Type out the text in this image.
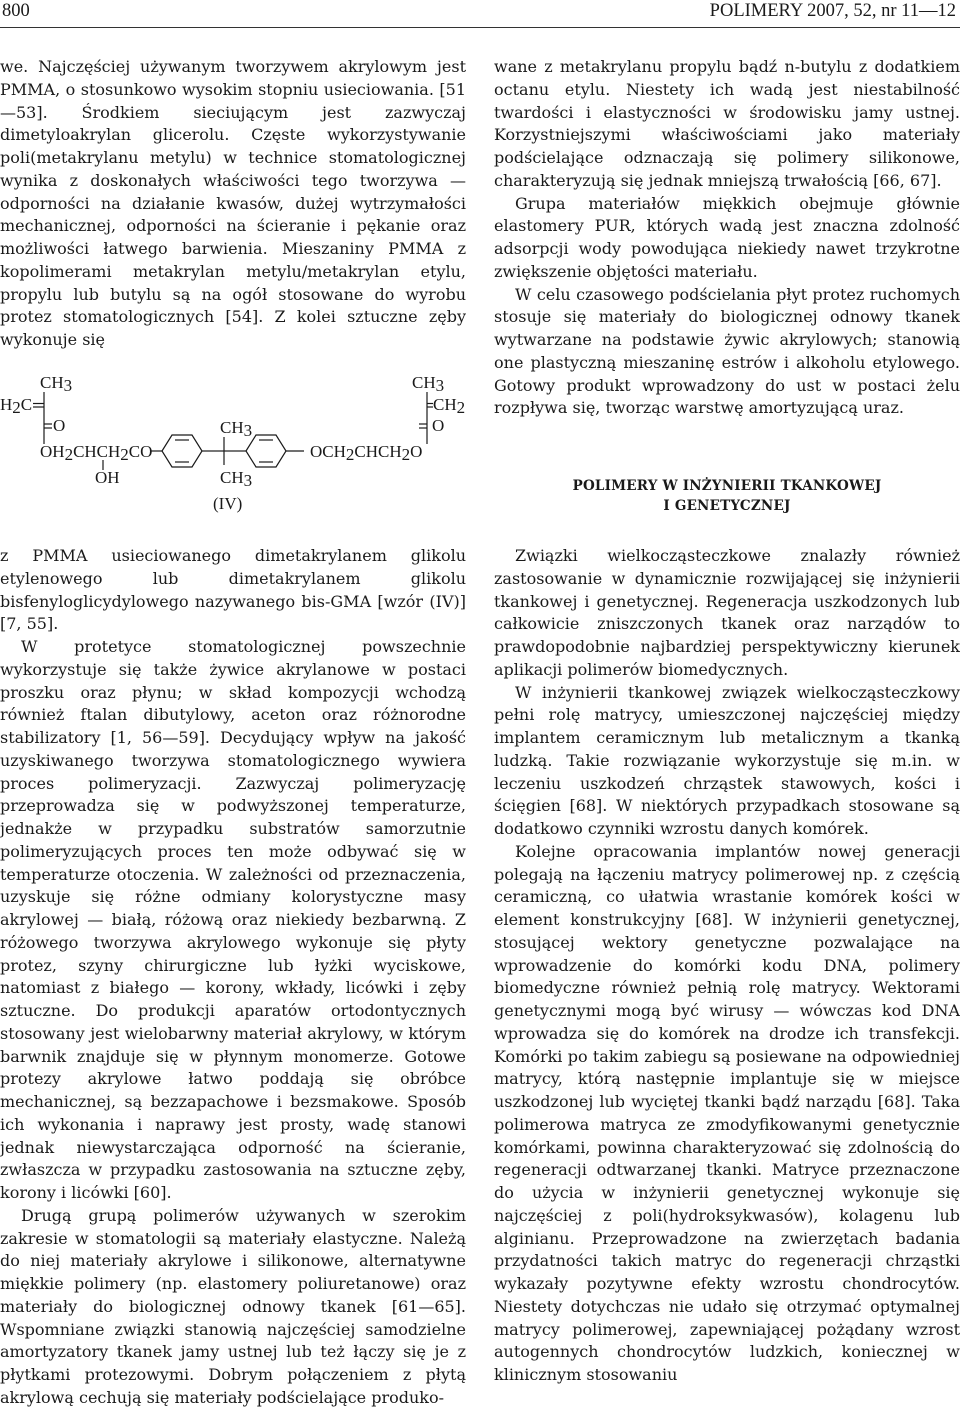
800	POLIMERY 2007, 52, nr 11—12

we. Najczęściej używanym tworzywem akrylowym jest PMMA, o stosunkowo wysokim stopniu usieciowania. [51—53]. Środkiem sieciującym jest zazwyczaj dimetyloakrylan glicerolu. Częste wykorzystywanie poli(metakrylanu metylu) w technice stomatologicznej wynika z doskonałych właściwości tego tworzywa — odporności na działanie kwasów, dużej wytrzymałości mechanicznej, odporności na ścieranie i pękanie oraz możliwości łatwego barwienia. Mieszaniny PMMA z kopolimerami metakrylan metylu/metakrylan etylu, propylu lub butylu są na ogół stosowane do wyrobu protez stomatologicznych [54]. Z kolei sztuczne zęby wykonuje się

CH3
H2C
O
OH2CHCH2CO
OH
CH3
CH3
OCH2CHCH2O
CH3
CH2
O
(IV)

wane z metakrylanu propylu bądź n-butylu z dodatkiem octanu etylu. Niestety ich wadą jest niestabilność twardości i elastyczności w środowisku jamy ustnej. Korzystniejszymi właściwościami jako materiały podścielające odznaczają się polimery silikonowe, charakteryzują się jednak mniejszą trwałością [66, 67].

Grupa materiałów miękkich obejmuje głównie elastomery PUR, których wadą jest znaczna zdolność adsorpcji wody powodująca niekiedy nawet trzykrotne zwiększenie objętości materiału.

W celu czasowego podścielania płyt protez ruchomych stosuje się materiały do biologicznej odnowy tkanek wytwarzane na podstawie żywic akrylowych; stanowią one plastyczną mieszaninę estrów i alkoholu etylowego. Gotowy produkt wprowadzony do ust w postaci żelu rozpływa się, tworząc warstwę amortyzującą uraz.

POLIMERY W INŻYNIERII TKANKOWEJ
I GENETYCZNEJ

z PMMA usieciowanego dimetakrylanem glikolu etylenowego lub dimetakrylanem glikolu bisfenyloglicydylowego nazywanego bis-GMA [wzór (IV)] [7, 55].

W protetyce stomatologicznej powszechnie wykorzystuje się także żywice akrylanowe w postaci proszku oraz płynu; w skład kompozycji wchodzą również ftalan dibutylowy, aceton oraz różnorodne stabilizatory [1, 56—59]. Decydujący wpływ na jakość uzyskiwanego tworzywa stomatologicznego wywiera proces polimeryzacji. Zazwyczaj polimeryzację przeprowadza się w podwyższonej temperaturze, jednakże w przypadku substratów samorzutnie polimeryzujących proces ten może odbywać się w temperaturze otoczenia. W zależności od przeznaczenia, uzyskuje się różne odmiany kolorystyczne masy akrylowej — białą, różową oraz niekiedy bezbarwną. Z różowego tworzywa akrylowego wykonuje się płyty protez, szyny chirurgiczne lub łyżki wyciskowe, natomiast z białego — korony, wkłady, licówki i zęby sztuczne. Do produkcji aparatów ortodontycznych stosowany jest wielobarwny materiał akrylowy, w którym barwnik znajduje się w płynnym monomerze. Gotowe protezy akrylowe łatwo poddają się obróbce mechanicznej, są bezzapachowe i bezsmakowe. Sposób ich wykonania i naprawy jest prosty, wadę stanowi jednak niewystarczająca odporność na ścieranie, zwłaszcza w przypadku zastosowania na sztuczne zęby, korony i licówki [60].

Drugą grupą polimerów używanych w szerokim zakresie w stomatologii są materiały elastyczne. Należą do niej materiały akrylowe i silikonowe, alternatywne miękkie polimery (np. elastomery poliuretanowe) oraz materiały do biologicznej odnowy tkanek [61—65]. Wspomniane związki stanowią najczęściej samodzielne amortyzatory tkanek jamy ustnej lub też łączy się je z płytkami protezowymi. Dobrym połączeniem z płytą akrylową cechują się materiały podścielające produko-

Związki wielkocząsteczkowe znalazły również zastosowanie w dynamicznie rozwijającej się inżynierii tkankowej i genetycznej. Regeneracja uszkodzonych lub całkowicie zniszczonych tkanek oraz narządów to prawdopodobnie najbardziej perspektywiczny kierunek aplikacji polimerów biomedycznych.

W inżynierii tkankowej związek wielkocząsteczkowy pełni rolę matrycy, umieszczonej najczęściej między implantem ceramicznym lub metalicznym a tkanką ludzką. Takie rozwiązanie wykorzystuje się m.in. w leczeniu uszkodzeń chrząstek stawowych, kości i ścięgien [68]. W niektórych przypadkach stosowane są dodatkowo czynniki wzrostu danych komórek.

Kolejne opracowania implantów nowej generacji polegają na łączeniu matrycy polimerowej np. z częścią ceramiczną, co ułatwia wrastanie komórek kości w element konstrukcyjny [68]. W inżynierii genetycznej, stosującej wektory genetyczne pozwalające na wprowadzenie do komórki kodu DNA, polimery biomedyczne również pełnią rolę matrycy. Wektorami genetycznymi mogą być wirusy — wówczas kod DNA wprowadza się do komórek na drodze ich transfekcji. Komórki po takim zabiegu są posiewane na odpowiedniej matrycy, którą następnie implantuje się w miejsce uszkodzonej lub wyciętej tkanki bądź narządu [68]. Taka polimerowa matryca ze zmodyfikowanymi genetycznie komórkami, powinna charakteryzować się zdolnością do regeneracji odtwarzanej tkanki. Matryce przeznaczone do użycia w inżynierii genetycznej wykonuje się najczęściej z poli(hydroksykwasów), kolagenu lub alginianu. Przeprowadzone na zwierzętach badania przydatności takich matryc do regeneracji chrząstki wykazały pozytywne efekty wzrostu chondrocytów. Niestety dotychczas nie udało się otrzymać optymalnej matrycy polimerowej, zapewniającej pożądany wzrost autogennych chondrocytów ludzkich, koniecznej w klinicznym stosowaniu
